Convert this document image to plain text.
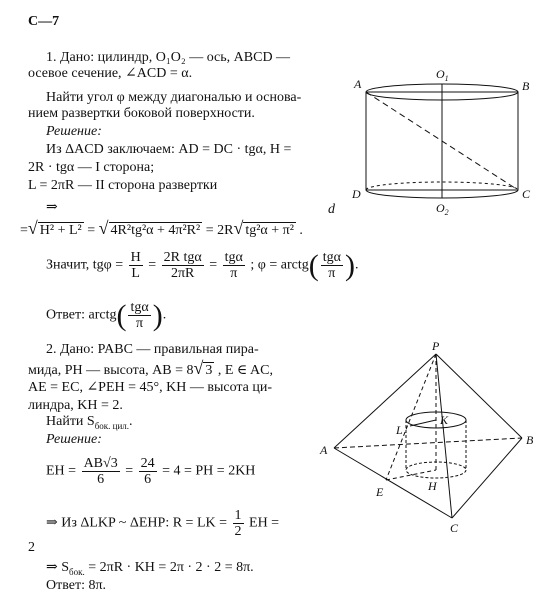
С—7
1. Дано: цилиндр, O₁O₂ — ось, ABCD —
осевое сечение, ∠ACD = α.
Найти угол φ между диагональю и основа-
нием развертки боковой поверхности.
Решение:
Из ΔACD заключаем: AD = DC · tgα, H =
2R · tgα — I сторона;
L = 2πR — II сторона развертки
⇒	d
=√ H² + L² = √ 4R²tg²α + 4π²R² = 2R√ tg²α + π² .
Значит, $tg\varphi = \frac{H}{L} = \frac{\text{2R tgα}}{2\pi R} = \frac{\text{tgα}}{\pi}$ ; φ = arctg( $\frac{\text{tgα}}{\pi}$ ).
Ответ: arctg( $\frac{\text{tgα}}{\pi}$ ).
2. Дано: PABC — правильная пира-
мида, PH — высота, AB = 8√ 3 , E ∈ AC,
AE = EC, ∠PEH = 45°, KH — высота ци-
линдра, KH = 2.
Найти $S_{бок. цил.}$.
Решение:
EH = $\frac{AB√3}{6} = \frac{24}{6} = 4$ = PH = 2KH
⇒ Из ΔLKP ~ ΔEHP: R = LK = $\frac{1}{2}$ EH =
2
⇒ $S_{бок.} = 2\pi R$ · KH = 2π · 2 · 2 = 8π.
Ответ: 8π.
A	B
C
D
$O_1$
$O_2$
P
A
B
C
E	H
L
K
